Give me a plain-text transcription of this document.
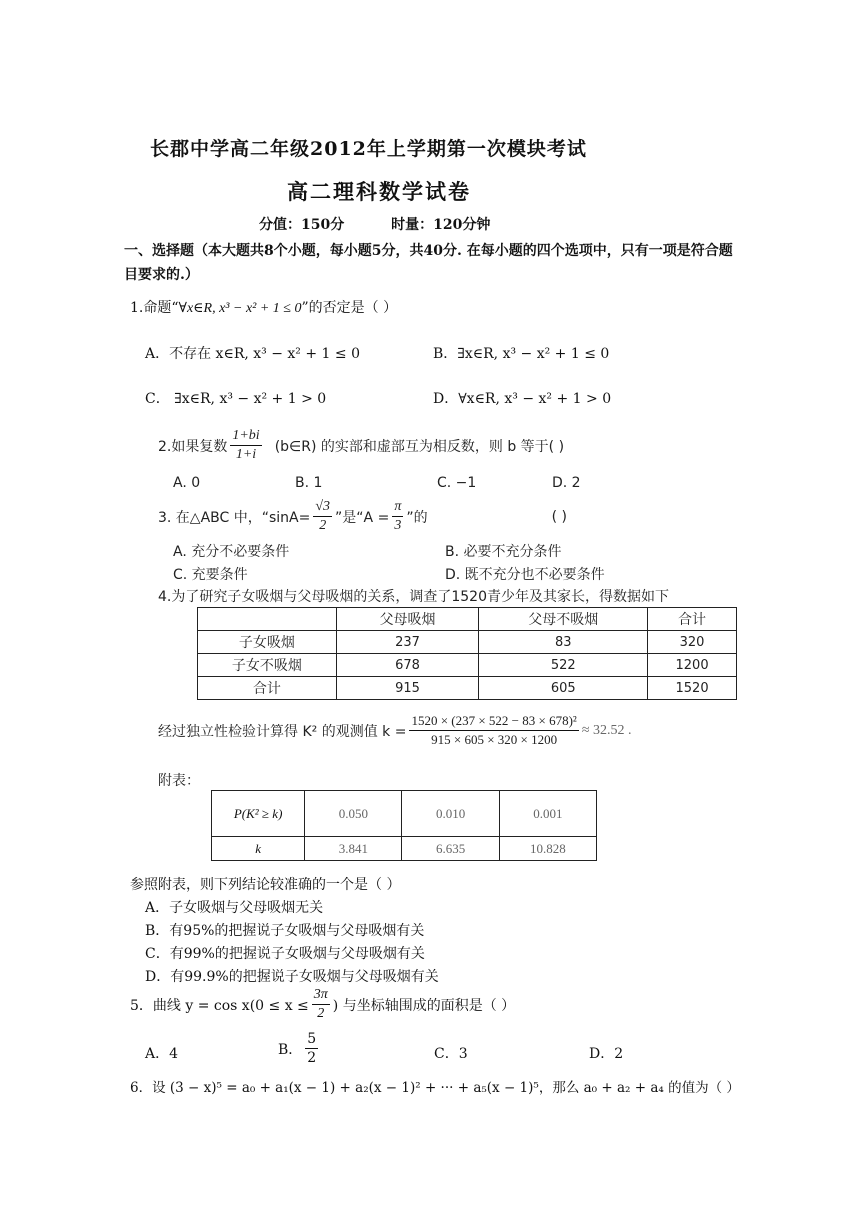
长郡中学高二年级2012年上学期第一次模块考试
高二理科数学试卷
分值：150分	时量：120分钟
一、选择题（本大题共8个小题，每小题5分，共40分. 在每小题的四个选项中，只有一项是符合题目要求的.）
1.命题“∀x∈R, x³ − x² + 1 ≤ 0”的否定是（ ）
A．不存在 x∈R, x³ − x² + 1 ≤ 0	B．∃x∈R, x³ − x² + 1 ≤ 0
C． ∃x∈R, x³ − x² + 1 > 0	D．∀x∈R, x³ − x² + 1 > 0
2.如果复数 $\frac{1+bi}{1+i}$ (b∈R) 的实部和虚部互为相反数，则 b 等于( )
A. 0	B. 1	C. −1	D. 2
3. 在△ABC 中，“$\sin A= \frac{√3}{2}$ ”是“$A = \frac{\pi}{3}$ ”的	( )
A. 充分不必要条件	B. 必要不充分条件
C. 充要条件	D. 既不充分也不必要条件
4.为了研究子女吸烟与父母吸烟的关系，调查了1520青少年及其家长，得数据如下
	父母吸烟	父母不吸烟	合计
子女吸烟	237	83	320
子女不吸烟	678	522	1200
合计	915	605	1520
经过独立性检验计算得 K² 的观测值 $k = \frac{\text{1520 × (237 × 522 − 83 × 678)²}}{915 \times 605 \times 320 \times 1200} \approx 32.52$ .
附表：
P(K² ≥ k)	0.050	0.010	0.001
k	3.841	6.635	10.828
参照附表，则下列结论较准确的一个是（ ）
A．子女吸烟与父母吸烟无关
B．有95%的把握说子女吸烟与父母吸烟有关
C．有99%的把握说子女吸烟与父母吸烟有关
D．有99.9%的把握说子女吸烟与父母吸烟有关
5．曲线 $y = \cos x(0 \le x \le \frac{3\pi}{2}$ ) 与坐标轴围成的面积是（ ）
A．4	B． $\frac{5}{2}$	C．3	D．2
6．设 (3 − x)⁵ = a₀ + a₁(x − 1) + a₂(x − 1)² + ··· + a₅(x − 1)⁵，那么 a₀ + a₂ + a₄ 的值为（ ）
